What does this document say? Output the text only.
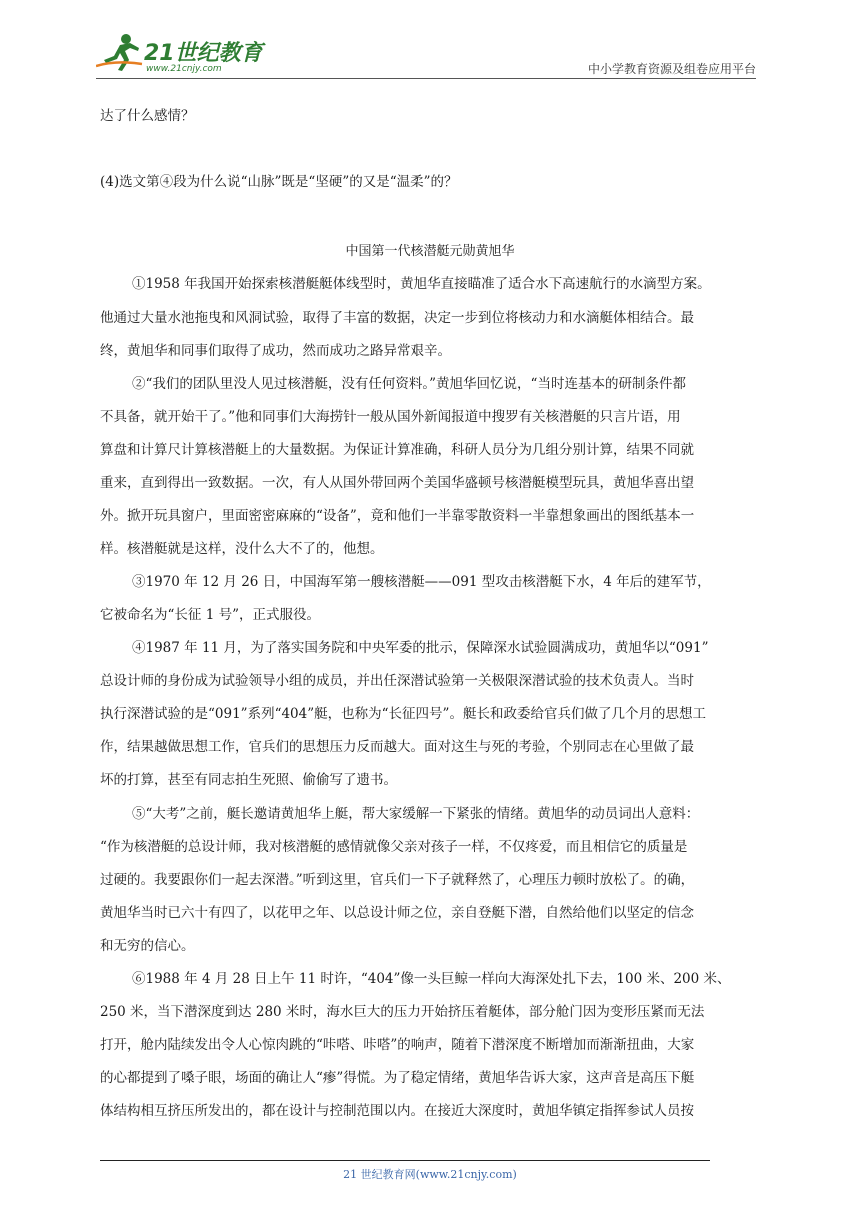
21世纪教育
www.21cnjy.com	中小学教育资源及组卷应用平台
达了什么感情？
(4)选文第④段为什么说“山脉”既是“坚硬”的又是“温柔”的？
中国第一代核潜艇元勋黄旭华
①1958 年我国开始探索核潜艇艇体线型时，黄旭华直接瞄准了适合水下高速航行的水滴型方案。
他通过大量水池拖曳和风洞试验，取得了丰富的数据，决定一步到位将核动力和水滴艇体相结合。最
终，黄旭华和同事们取得了成功，然而成功之路异常艰辛。
②“我们的团队里没人见过核潜艇，没有任何资料。”黄旭华回忆说，“当时连基本的研制条件都
不具备，就开始干了。”他和同事们大海捞针一般从国外新闻报道中搜罗有关核潜艇的只言片语，用
算盘和计算尺计算核潜艇上的大量数据。为保证计算准确，科研人员分为几组分别计算，结果不同就
重来，直到得出一致数据。一次，有人从国外带回两个美国华盛顿号核潜艇模型玩具，黄旭华喜出望
外。掀开玩具窗户，里面密密麻麻的“设备”，竟和他们一半靠零散资料一半靠想象画出的图纸基本一
样。核潜艇就是这样，没什么大不了的，他想。
③1970 年 12 月 26 日，中国海军第一艘核潜艇——091 型攻击核潜艇下水，4 年后的建军节，
它被命名为“长征 1 号”，正式服役。
④1987 年 11 月，为了落实国务院和中央军委的批示，保障深水试验圆满成功，黄旭华以“091”
总设计师的身份成为试验领导小组的成员，并出任深潜试验第一关极限深潜试验的技术负责人。当时
执行深潜试验的是“091”系列“404”艇，也称为“长征四号”。艇长和政委给官兵们做了几个月的思想工
作，结果越做思想工作，官兵们的思想压力反而越大。面对这生与死的考验，个别同志在心里做了最
坏的打算，甚至有同志拍生死照、偷偷写了遗书。
⑤“大考”之前，艇长邀请黄旭华上艇，帮大家缓解一下紧张的情绪。黄旭华的动员词出人意料：
“作为核潜艇的总设计师，我对核潜艇的感情就像父亲对孩子一样，不仅疼爱，而且相信它的质量是
过硬的。我要跟你们一起去深潜。”听到这里，官兵们一下子就释然了，心理压力顿时放松了。的确，
黄旭华当时已六十有四了，以花甲之年、以总设计师之位，亲自登艇下潜，自然给他们以坚定的信念
和无穷的信心。
⑥1988 年 4 月 28 日上午 11 时许，“404”像一头巨鲸一样向大海深处扎下去，100 米、200 米、
250 米，当下潜深度到达 280 米时，海水巨大的压力开始挤压着艇体，部分舱门因为变形压紧而无法
打开，舱内陆续发出令人心惊肉跳的“咔嗒、咔嗒”的响声，随着下潜深度不断增加而渐渐扭曲，大家
的心都提到了嗓子眼，场面的确让人“瘆”得慌。为了稳定情绪，黄旭华告诉大家，这声音是高压下艇
体结构相互挤压所发出的，都在设计与控制范围以内。在接近大深度时，黄旭华镇定指挥参试人员按
21 世纪教育网(www.21cnjy.com)
